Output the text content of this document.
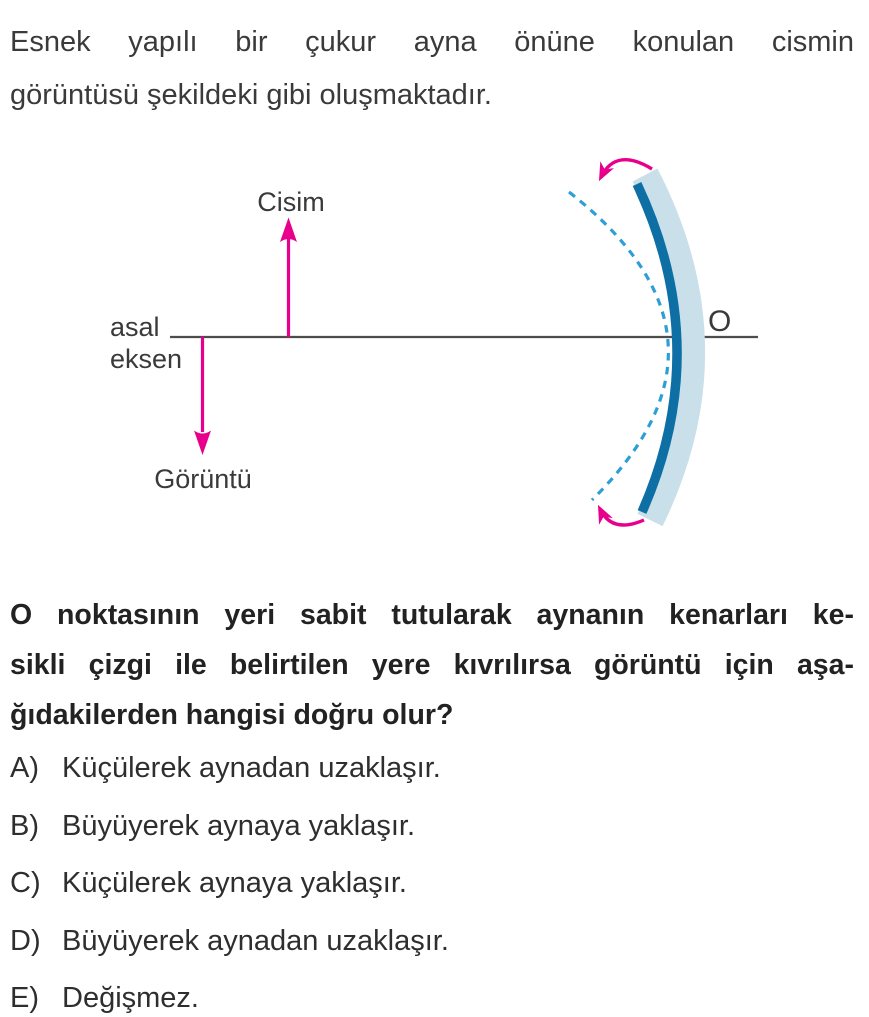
Esnek yapılı bir çukur ayna önüne konulan cismin
görüntüsü şekildeki gibi oluşmaktadır.
Cisim
Görüntü
asal
eksen
O
O noktasının yeri sabit tutularak aynanın kenarları ke-
sikli çizgi ile belirtilen yere kıvrılırsa görüntü için aşa-
ğıdakilerden hangisi doğru olur?
A) Küçülerek aynadan uzaklaşır.
B) Büyüyerek aynaya yaklaşır.
C) Küçülerek aynaya yaklaşır.
D) Büyüyerek aynadan uzaklaşır.
E) Değişmez.
